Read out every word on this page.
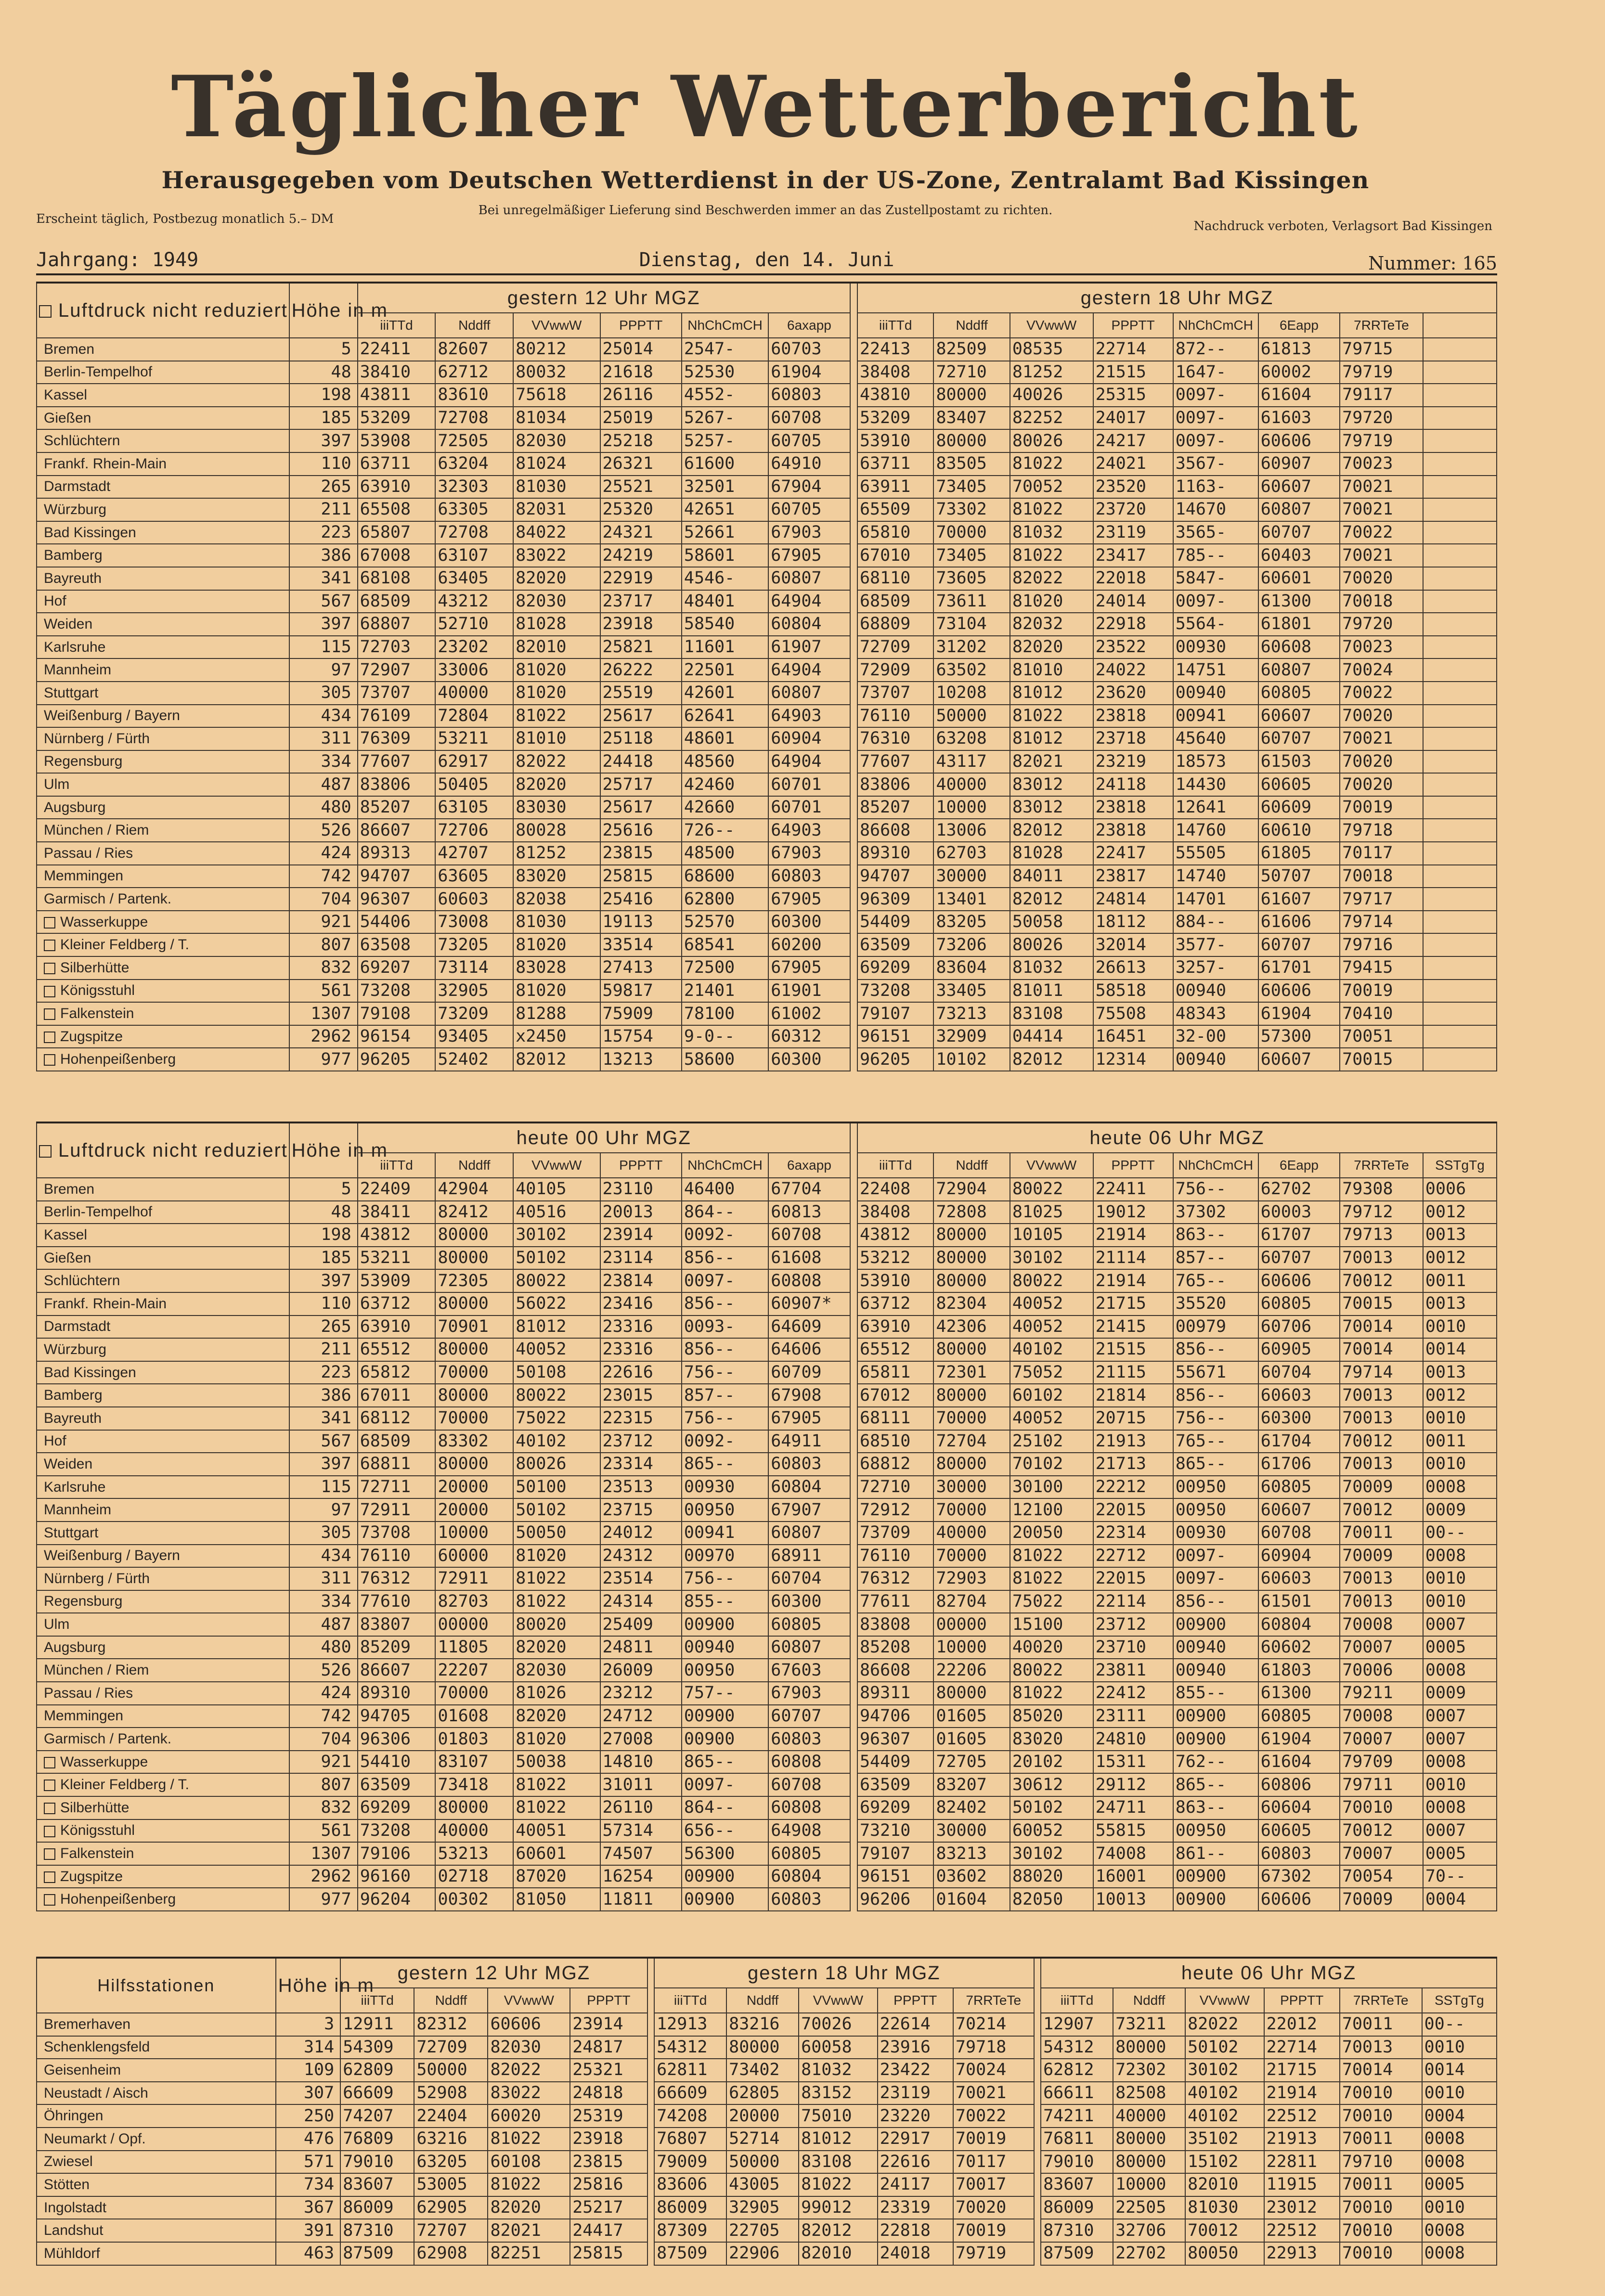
Täglicher Wetterbericht
Herausgegeben vom Deutschen Wetterdienst in der US-Zone, Zentralamt Bad Kissingen
Erscheint täglich, Postbezug monatlich 5.– DM
Bei unregelmäßiger Lieferung sind Beschwerden immer an das Zustellpostamt zu richten.
Nachdruck verboten, Verlagsort Bad Kissingen
Jahrgang: 1949	Dienstag, den 14. Juni	Nummer: 165
Luftdruck nicht reduziert	Höhe in m	gestern 12 Uhr MGZ							gestern 18 Uhr MGZ							
		iiiTTd	Nddff	VVwwW	PPPTT	NhChCmCH	6axapp		iiiTTd	Nddff	VVwwW	PPPTT	NhChCmCH	6Eapp	7RRTeTe	
Bremen	5	22411	82607	80212	25014	2547-	60703		22413	82509	08535	22714	872--	61813	79715	
Berlin-Tempelhof	48	38410	62712	80032	21618	52530	61904		38408	72710	81252	21515	1647-	60002	79719	
Kassel	198	43811	83610	75618	26116	4552-	60803		43810	80000	40026	25315	0097-	61604	79117	
Gießen	185	53209	72708	81034	25019	5267-	60708		53209	83407	82252	24017	0097-	61603	79720	
Schlüchtern	397	53908	72505	82030	25218	5257-	60705		53910	80000	80026	24217	0097-	60606	79719	
Frankf. Rhein-Main	110	63711	63204	81024	26321	61600	64910		63711	83505	81022	24021	3567-	60907	70023	
Darmstadt	265	63910	32303	81030	25521	32501	67904		63911	73405	70052	23520	1163-	60607	70021	
Würzburg	211	65508	63305	82031	25320	42651	60705		65509	73302	81022	23720	14670	60807	70021	
Bad Kissingen	223	65807	72708	84022	24321	52661	67903		65810	70000	81032	23119	3565-	60707	70022	
Bamberg	386	67008	63107	83022	24219	58601	67905		67010	73405	81022	23417	785--	60403	70021	
Bayreuth	341	68108	63405	82020	22919	4546-	60807		68110	73605	82022	22018	5847-	60601	70020	
Hof	567	68509	43212	82030	23717	48401	64904		68509	73611	81020	24014	0097-	61300	70018	
Weiden	397	68807	52710	81028	23918	58540	60804		68809	73104	82032	22918	5564-	61801	79720	
Karlsruhe	115	72703	23202	82010	25821	11601	61907		72709	31202	82020	23522	00930	60608	70023	
Mannheim	97	72907	33006	81020	26222	22501	64904		72909	63502	81010	24022	14751	60807	70024	
Stuttgart	305	73707	40000	81020	25519	42601	60807		73707	10208	81012	23620	00940	60805	70022	
Weißenburg / Bayern	434	76109	72804	81022	25617	62641	64903		76110	50000	81022	23818	00941	60607	70020	
Nürnberg / Fürth	311	76309	53211	81010	25118	48601	60904		76310	63208	81012	23718	45640	60707	70021	
Regensburg	334	77607	62917	82022	24418	48560	64904		77607	43117	82021	23219	18573	61503	70020	
Ulm	487	83806	50405	82020	25717	42460	60701		83806	40000	83012	24118	14430	60605	70020	
Augsburg	480	85207	63105	83030	25617	42660	60701		85207	10000	83012	23818	12641	60609	70019	
München / Riem	526	86607	72706	80028	25616	726--	64903		86608	13006	82012	23818	14760	60610	79718	
Passau / Ries	424	89313	42707	81252	23815	48500	67903		89310	62703	81028	22417	55505	61805	70117	
Memmingen	742	94707	63605	83020	25815	68600	60803		94707	30000	84011	23817	14740	50707	70018	
Garmisch / Partenk.	704	96307	60603	82038	25416	62800	67905		96309	13401	82012	24814	14701	61607	79717	
Wasserkuppe	921	54406	73008	81030	19113	52570	60300		54409	83205	50058	18112	884--	61606	79714	
Kleiner Feldberg / T.	807	63508	73205	81020	33514	68541	60200		63509	73206	80026	32014	3577-	60707	79716	
Silberhütte	832	69207	73114	83028	27413	72500	67905		69209	83604	81032	26613	3257-	61701	79415	
Königsstuhl	561	73208	32905	81020	59817	21401	61901		73208	33405	81011	58518	00940	60606	70019	
Falkenstein	1307	79108	73209	81288	75909	78100	61002		79107	73213	83108	75508	48343	61904	70410	
Zugspitze	2962	96154	93405	x2450	15754	9-0--	60312		96151	32909	04414	16451	32-00	57300	70051	
Hohenpeißenberg	977	96205	52402	82012	13213	58600	60300		96205	10102	82012	12314	00940	60607	70015	
Luftdruck nicht reduziert	Höhe in m	heute 00 Uhr MGZ							heute 06 Uhr MGZ							
		iiiTTd	Nddff	VVwwW	PPPTT	NhChCmCH	6axapp		iiiTTd	Nddff	VVwwW	PPPTT	NhChCmCH	6Eapp	7RRTeTe	SSTgTg
Bremen	5	22409	42904	40105	23110	46400	67704		22408	72904	80022	22411	756--	62702	79308	0006
Berlin-Tempelhof	48	38411	82412	40516	20013	864--	60813		38408	72808	81025	19012	37302	60003	79712	0012
Kassel	198	43812	80000	30102	23914	0092-	60708		43812	80000	10105	21914	863--	61707	79713	0013
Gießen	185	53211	80000	50102	23114	856--	61608		53212	80000	30102	21114	857--	60707	70013	0012
Schlüchtern	397	53909	72305	80022	23814	0097-	60808		53910	80000	80022	21914	765--	60606	70012	0011
Frankf. Rhein-Main	110	63712	80000	56022	23416	856--	60907*		63712	82304	40052	21715	35520	60805	70015	0013
Darmstadt	265	63910	70901	81012	23316	0093-	64609		63910	42306	40052	21415	00979	60706	70014	0010
Würzburg	211	65512	80000	40052	23316	856--	64606		65512	80000	40102	21515	856--	60905	70014	0014
Bad Kissingen	223	65812	70000	50108	22616	756--	60709		65811	72301	75052	21115	55671	60704	79714	0013
Bamberg	386	67011	80000	80022	23015	857--	67908		67012	80000	60102	21814	856--	60603	70013	0012
Bayreuth	341	68112	70000	75022	22315	756--	67905		68111	70000	40052	20715	756--	60300	70013	0010
Hof	567	68509	83302	40102	23712	0092-	64911		68510	72704	25102	21913	765--	61704	70012	0011
Weiden	397	68811	80000	80026	23314	865--	60803		68812	80000	70102	21713	865--	61706	70013	0010
Karlsruhe	115	72711	20000	50100	23513	00930	60804		72710	30000	30100	22212	00950	60805	70009	0008
Mannheim	97	72911	20000	50102	23715	00950	67907		72912	70000	12100	22015	00950	60607	70012	0009
Stuttgart	305	73708	10000	50050	24012	00941	60807		73709	40000	20050	22314	00930	60708	70011	00--
Weißenburg / Bayern	434	76110	60000	81020	24312	00970	68911		76110	70000	81022	22712	0097-	60904	70009	0008
Nürnberg / Fürth	311	76312	72911	81022	23514	756--	60704		76312	72903	81022	22015	0097-	60603	70013	0010
Regensburg	334	77610	82703	81022	24314	855--	60300		77611	82704	75022	22114	856--	61501	70013	0010
Ulm	487	83807	00000	80020	25409	00900	60805		83808	00000	15100	23712	00900	60804	70008	0007
Augsburg	480	85209	11805	82020	24811	00940	60807		85208	10000	40020	23710	00940	60602	70007	0005
München / Riem	526	86607	22207	82030	26009	00950	67603		86608	22206	80022	23811	00940	61803	70006	0008
Passau / Ries	424	89310	70000	81026	23212	757--	67903		89311	80000	81022	22412	855--	61300	79211	0009
Memmingen	742	94705	01608	82020	24712	00900	60707		94706	01605	85020	23111	00900	60805	70008	0007
Garmisch / Partenk.	704	96306	01803	81020	27008	00900	60803		96307	01605	83020	24810	00900	61904	70007	0007
Wasserkuppe	921	54410	83107	50038	14810	865--	60808		54409	72705	20102	15311	762--	61604	79709	0008
Kleiner Feldberg / T.	807	63509	73418	81022	31011	0097-	60708		63509	83207	30612	29112	865--	60806	79711	0010
Silberhütte	832	69209	80000	81022	26110	864--	60808		69209	82402	50102	24711	863--	60604	70010	0008
Königsstuhl	561	73208	40000	40051	57314	656--	64908		73210	30000	60052	55815	00950	60605	70012	0007
Falkenstein	1307	79106	53213	60601	74507	56300	60805		79107	83213	30102	74008	861--	60803	70007	0005
Zugspitze	2962	96160	02718	87020	16254	00900	60804		96151	03602	88020	16001	00900	67302	70054	70--
Hohenpeißenberg	977	96204	00302	81050	11811	00900	60803		96206	01604	82050	10013	00900	60606	70009	0004
Hilfsstationen	Höhe in m	gestern 12 Uhr MGZ					gestern 18 Uhr MGZ						heute 06 Uhr MGZ					
		iiiTTd	Nddff	VVwwW	PPPTT		iiiTTd	Nddff	VVwwW	PPPTT	7RRTeTe		iiiTTd	Nddff	VVwwW	PPPTT	7RRTeTe	SSTgTg
Bremerhaven	3	12911	82312	60606	23914		12913	83216	70026	22614	70214		12907	73211	82022	22012	70011	00--
Schenklengsfeld	314	54309	72709	82030	24817		54312	80000	60058	23916	79718		54312	80000	50102	22714	70013	0010
Geisenheim	109	62809	50000	82022	25321		62811	73402	81032	23422	70024		62812	72302	30102	21715	70014	0014
Neustadt / Aisch	307	66609	52908	83022	24818		66609	62805	83152	23119	70021		66611	82508	40102	21914	70010	0010
Öhringen	250	74207	22404	60020	25319		74208	20000	75010	23220	70022		74211	40000	40102	22512	70010	0004
Neumarkt / Opf.	476	76809	63216	81022	23918		76807	52714	81012	22917	70019		76811	80000	35102	21913	70011	0008
Zwiesel	571	79010	63205	60108	23815		79009	50000	83108	22616	70117		79010	80000	15102	22811	79710	0008
Stötten	734	83607	53005	81022	25816		83606	43005	81022	24117	70017		83607	10000	82010	11915	70011	0005
Ingolstadt	367	86009	62905	82020	25217		86009	32905	99012	23319	70020		86009	22505	81030	23012	70010	0010
Landshut	391	87310	72707	82021	24417		87309	22705	82012	22818	70019		87310	32706	70012	22512	70010	0008
Mühldorf	463	87509	62908	82251	25815		87509	22906	82010	24018	79719		87509	22702	80050	22913	70010	0008
